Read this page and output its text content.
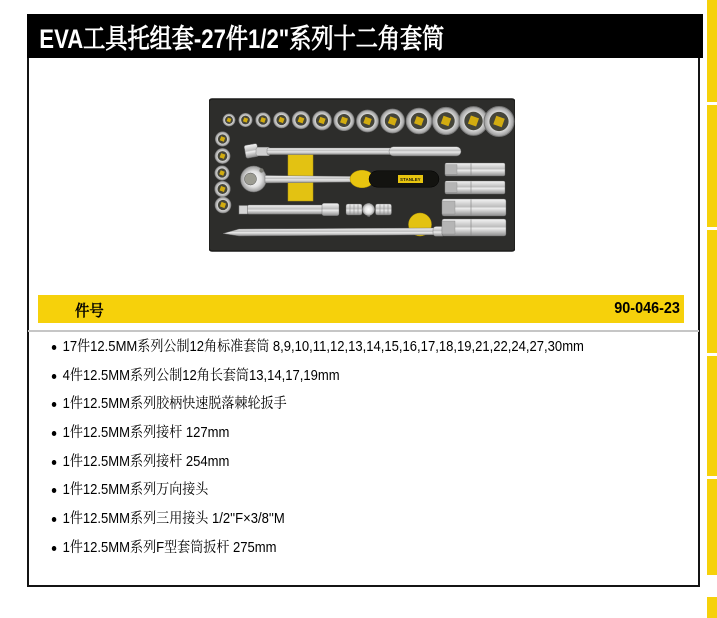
EVA工具托组套-27件1/2"系列十二角套筒
STANLEY
件号	90-046-23
17件12.5MM系列公制12角标准套筒 8,9,10,11,12,13,14,15,16,17,18,19,21,22,24,27,30mm
4件12.5MM系列公制12角长套筒13,14,17,19mm
1件12.5MM系列胶柄快速脱落棘轮扳手
1件12.5MM系列接杆 127mm
1件12.5MM系列接杆 254mm
1件12.5MM系列万向接头
1件12.5MM系列三用接头 1/2''F×3/8''M
1件12.5MM系列F型套筒扳杆 275mm
